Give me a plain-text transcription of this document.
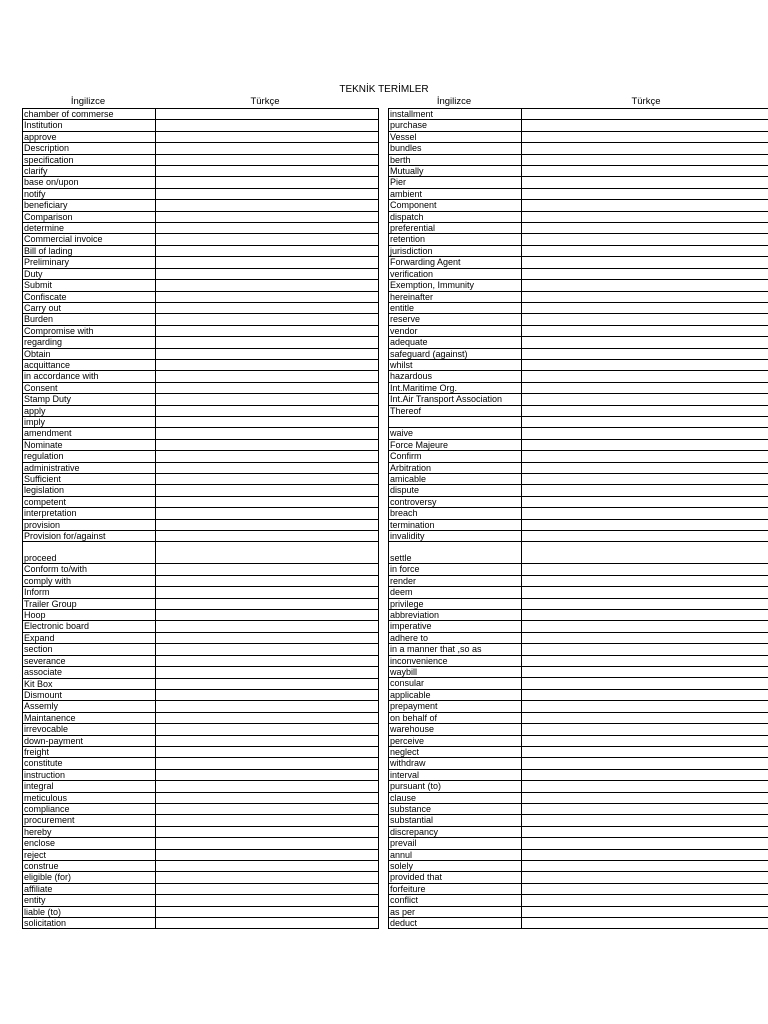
TEKNİK TERİMLER
İngilizce	Türkçe
chamber of commerse	
Institution	
approve	
Description	
specification	
clarify	
base on/upon	
notify	
beneficiary	
Comparison	
determine	
Commercial invoice	
Bill of lading	
Preliminary	
Duty	
Submit	
Confiscate	
Carry out	
Burden	
Compromise with	
regarding	
Obtain	
acquittance	
in accordance with	
Consent	
Stamp Duty	
apply	
imply	
amendment	
Nominate	
regulation	
administrative	
Sufficient	
legislation	
competent	
interpretation	
provision	
Provision for/against	
proceed	
Conform to/with	
comply with	
Inform	
Trailer Group	
Hoop	
Electronic board	
Expand	
section	
severance	
associate	
Kit Box	
Dismount	
Assemly	
Maintanence	
irrevocable	
down-payment	
freight	
constitute	
instruction	
integral	
meticulous	
compliance	
procurement	
hereby	
enclose	
reject	
construe	
eligible (for)	
affiliate	
entity	
liable (to)	
solicitation	
İngilizce	Türkçe
installment	
purchase	
Vessel	
bundles	
berth	
Mutually	
Pier	
ambient	
Component	
dispatch	
preferential	
retention	
jurisdiction	
Forwarding Agent	
verification	
Exemption, Immunity	
hereinafter	
entitle	
reserve	
vendor	
adequate	
safeguard (against)	
whilst	
hazardous	
Int.Maritime Org.	
Int.Air Transport Association	
Thereof	

waive	
Force Majeure	
Confirm	
Arbitration	
amicable	
dispute	
controversy	
breach	
termination	
invalidity	
settle	
in force	
render	
deem	
privilege	
abbreviation	
imperative	
adhere to	
in a manner that ,so as	
inconvenience	
waybill	
consular	
applicable	
prepayment	
on behalf of	
warehouse	
perceive	
neglect	
withdraw	
interval	
pursuant (to)	
clause	
substance	
substantial	
discrepancy	
prevail	
annul	
solely	
provided that	
forfeiture	
conflict	
as per	
deduct	
